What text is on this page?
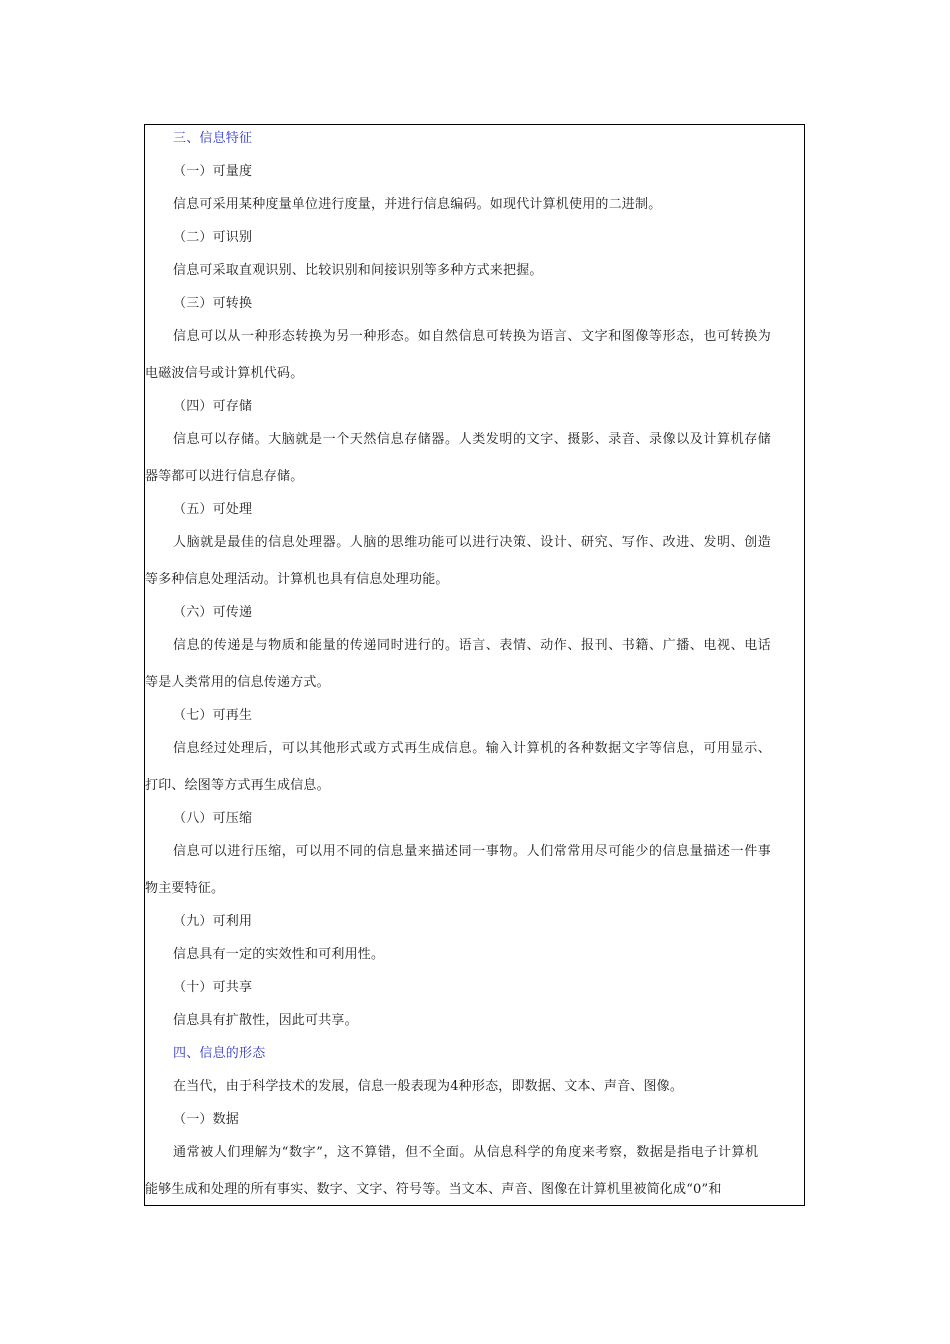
三、信息特征
（一）可量度
信息可采用某种度量单位进行度量，并进行信息编码。如现代计算机使用的二进制。
（二）可识别
信息可采取直观识别、比较识别和间接识别等多种方式来把握。
（三）可转换
信息可以从一种形态转换为另一种形态。如自然信息可转换为语言、文字和图像等形态，也可转换为
电磁波信号或计算机代码。
（四）可存储
信息可以存储。大脑就是一个天然信息存储器。人类发明的文字、摄影、录音、录像以及计算机存储
器等都可以进行信息存储。
（五）可处理
人脑就是最佳的信息处理器。人脑的思维功能可以进行决策、设计、研究、写作、改进、发明、创造
等多种信息处理活动。计算机也具有信息处理功能。
（六）可传递
信息的传递是与物质和能量的传递同时进行的。语言、表情、动作、报刊、书籍、广播、电视、电话
等是人类常用的信息传递方式。
（七）可再生
信息经过处理后，可以其他形式或方式再生成信息。输入计算机的各种数据文字等信息，可用显示、
打印、绘图等方式再生成信息。
（八）可压缩
信息可以进行压缩，可以用不同的信息量来描述同一事物。人们常常用尽可能少的信息量描述一件事
物主要特征。
（九）可利用
信息具有一定的实效性和可利用性。
（十）可共享
信息具有扩散性，因此可共享。
四、信息的形态
在当代，由于科学技术的发展，信息一般表现为4种形态，即数据、文本、声音、图像。
（一）数据
通常被人们理解为“数字”，这不算错，但不全面。从信息科学的角度来考察，数据是指电子计算机
能够生成和处理的所有事实、数字、文字、符号等。当文本、声音、图像在计算机里被简化成“0”和
